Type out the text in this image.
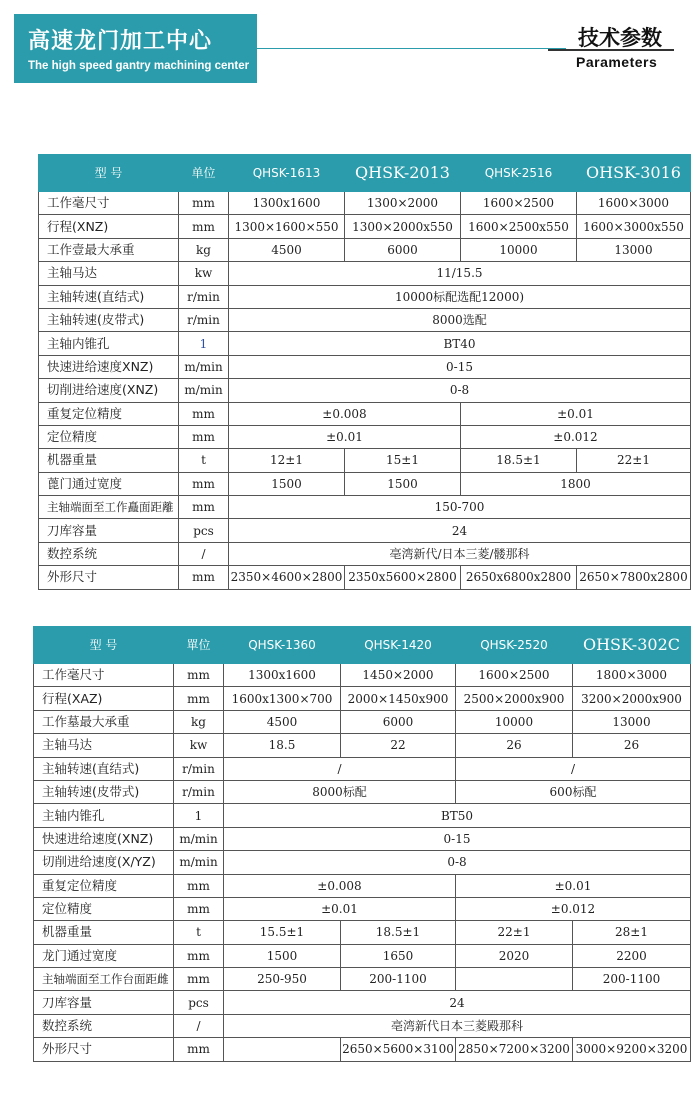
高速龙门加工中心
The high speed gantry machining center
技术参数
Parameters
型 号	单位	QHSK-1613	QHSK-2013	QHSK-2516	OHSK-3016
工作毫尺寸	mm	1300x1600	1300×2000	1600×2500	1600×3000
行程(XNZ)	mm	1300×1600×550	1300×2000x550	1600×2500x550	1600×3000x550
工作壹最大承重	kg	4500	6000	10000	13000
主轴马达	kw	11/15.5			
主轴转速(直结式)	r/min	10000标配选配12000)			
主轴转速(皮带式)	r/min	8000选配			
主轴内锥孔	1	BT40			
快速进给速度XNZ)	m/min	0-15			
切削进给速度(XNZ)	m/min	0-8			
重复定位精度	mm	±0.008		±0.01	
定位精度	mm	±0.01		±0.012	
机器重量	t	12±1	15±1	18.5±1	22±1
蓖门通过宽度	mm	1500	1500	1800	
主轴端面至工作矗面距離	mm	150-700			
刀库容量	pcs	24			
数控系统	/	亳湾新代/日本三菱/髅那科			
外形尺寸	mm	2350×4600×2800	2350x5600×2800	2650x6800x2800	2650×7800x2800
型 号	單位	QHSK-1360	QHSK-1420	QHSK-2520	OHSK-302C
工作毫尺寸	mm	1300x1600	1450×2000	1600×2500	1800×3000
行程(XAZ)	mm	1600x1300×700	2000×1450x900	2500×2000x900	3200×2000x900
工作墓最大承重	kg	4500	6000	10000	13000
主轴马达	kw	18.5	22	26	26
主轴转速(直结式)	r/min	/		/	
主轴转速(皮带式)	r/min	8000标配		600标配	
主轴内锥孔	1	BT50			
快速进给速度(XNZ)	m/min	0-15			
切削进给速度(X/YZ)	m/min	0-8			
重复定位精度	mm	±0.008		±0.01	
定位精度	mm	±0.01		±0.012	
机器重量	t	15.5±1	18.5±1	22±1	28±1
龙门通过宽度	mm	1500	1650	2020	2200
主轴端面至工作台面距雌	mm	250-950	200-1100		200-1100
刀库容量	pcs	24			
数控系统	/	亳湾新代日本三菱殿那科			
外形尺寸	mm		2650×5600×3100	2850×7200×3200	3000×9200×3200
